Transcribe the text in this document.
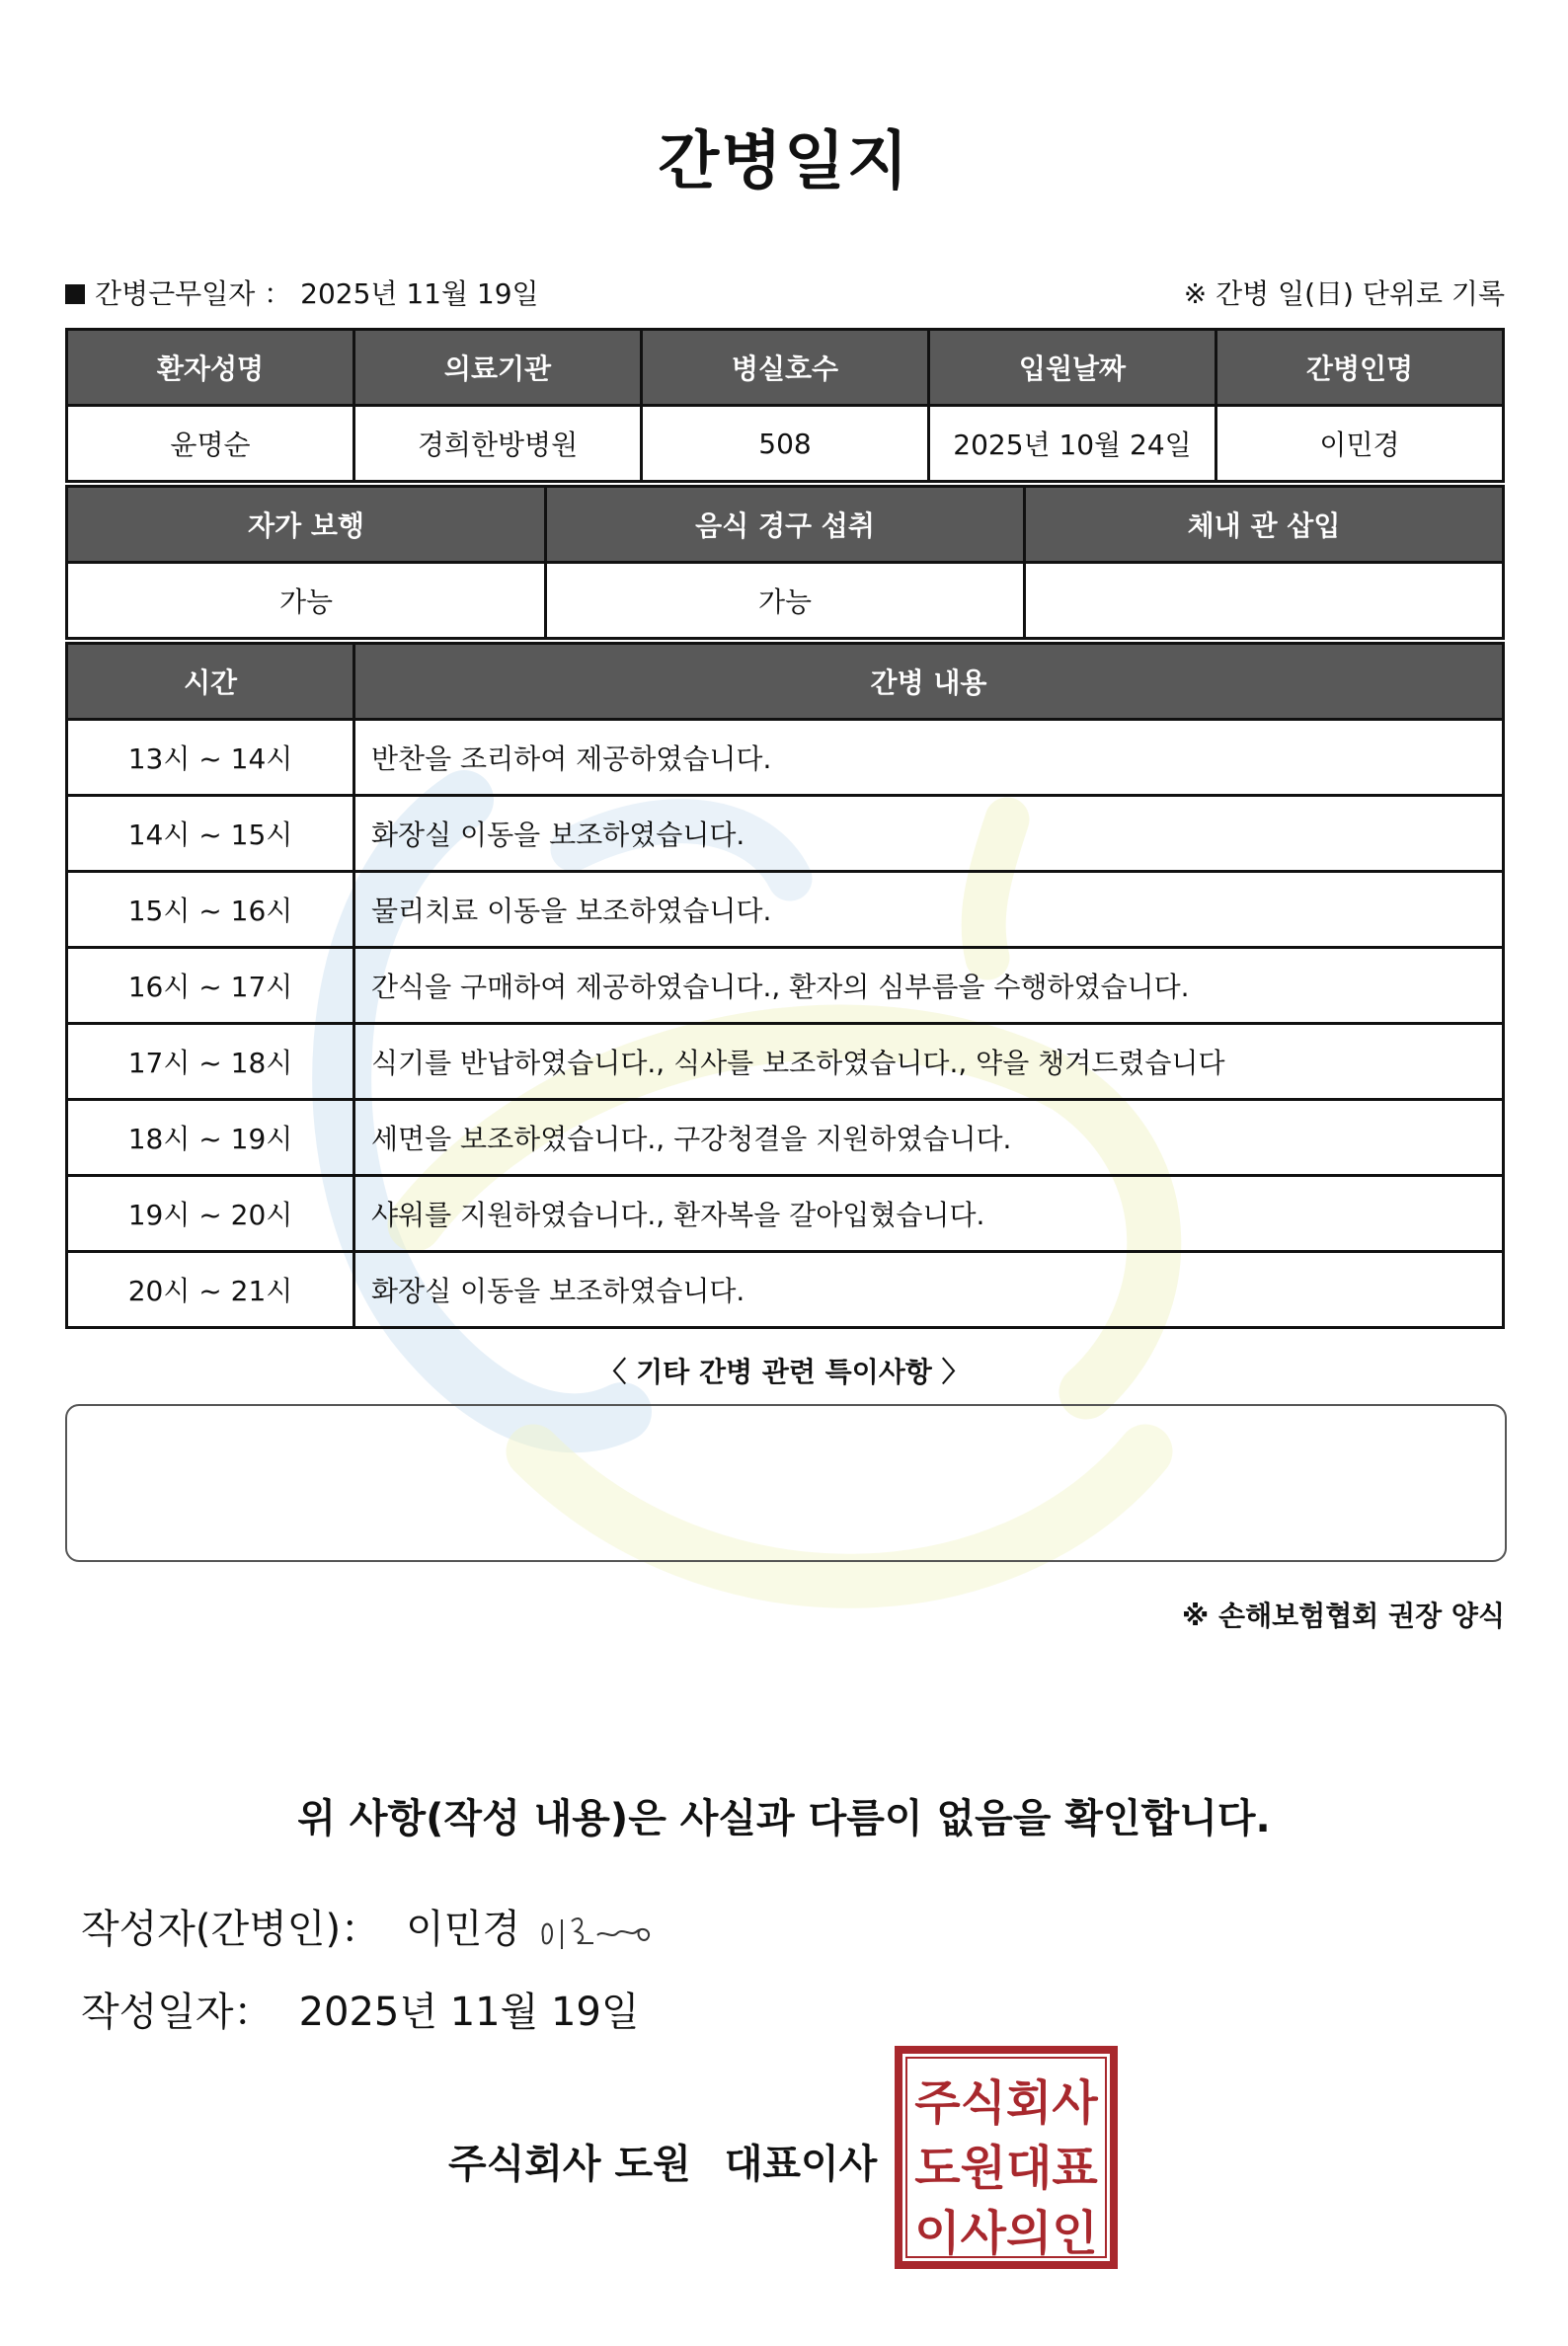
간병일지
간병근무일자 ： 2025년 11월 19일	※ 간병 일(日) 단위로 기록
환자성명	의료기관	병실호수	입원날짜	간병인명
윤명순	경희한방병원	508	2025년 10월 24일	이민경
자가 보행	음식 경구 섭취	체내 관 삽입
가능	가능	
시간	간병 내용
13시 ~ 14시	반찬을 조리하여 제공하였습니다.
14시 ~ 15시	화장실 이동을 보조하였습니다.
15시 ~ 16시	물리치료 이동을 보조하였습니다.
16시 ~ 17시	간식을 구매하여 제공하였습니다., 환자의 심부름을 수행하였습니다.
17시 ~ 18시	식기를 반납하였습니다., 식사를 보조하였습니다., 약을 챙겨드렸습니다
18시 ~ 19시	세면을 보조하였습니다., 구강청결을 지원하였습니다.
19시 ~ 20시	샤워를 지원하였습니다., 환자복을 갈아입혔습니다.
20시 ~ 21시	화장실 이동을 보조하였습니다.
〈 기타 간병 관련 특이사항 〉
※ 손해보험협회 권장 양식
위 사항(작성 내용)은 사실과 다름이 없음을 확인합니다.
작성자(간병인)： 이민경
작성일자： 2025년 11월 19일
주식회사 도원 대표이사
주식회사
도원대표
이사의인
